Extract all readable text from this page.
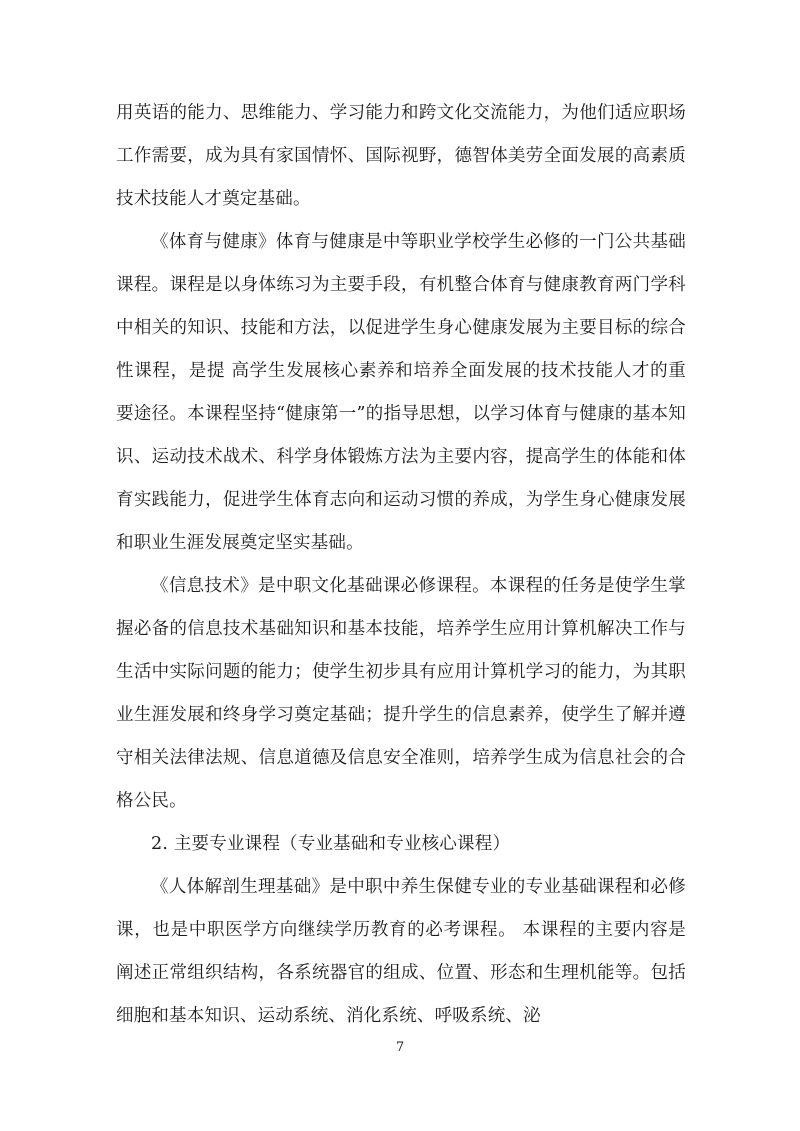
用英语的能力、思维能力、学习能力和跨文化交流能力，为他们适应职场工作需要，成为具有家国情怀、国际视野，德智体美劳全面发展的高素质技术技能人才奠定基础。

《体育与健康》体育与健康是中等职业学校学生必修的一门公共基础课程。课程是以身体练习为主要手段，有机整合体育与健康教育两门学科中相关的知识、技能和方法，以促进学生身心健康发展为主要目标的综合性课程，是提 高学生发展核心素养和培养全面发展的技术技能人才的重要途径。本课程坚持“健康第一”的指导思想，以学习体育与健康的基本知识、运动技术战术、科学身体锻炼方法为主要内容，提高学生的体能和体育实践能力，促进学生体育志向和运动习惯的养成，为学生身心健康发展和职业生涯发展奠定坚实基础。

《信息技术》是中职文化基础课必修课程。本课程的任务是使学生掌握必备的信息技术基础知识和基本技能，培养学生应用计算机解决工作与生活中实际问题的能力；使学生初步具有应用计算机学习的能力，为其职业生涯发展和终身学习奠定基础；提升学生的信息素养，使学生了解并遵守相关法律法规、信息道德及信息安全准则，培养学生成为信息社会的合格公民。

2. 主要专业课程（专业基础和专业核心课程）

《人体解剖生理基础》是中职中养生保健专业的专业基础课程和必修课，也是中职医学方向继续学历教育的必考课程。 本课程的主要内容是阐述正常组织结构，各系统器官的组成、位置、形态和生理机能等。包括细胞和基本知识、运动系统、消化系统、呼吸系统、泌

7
